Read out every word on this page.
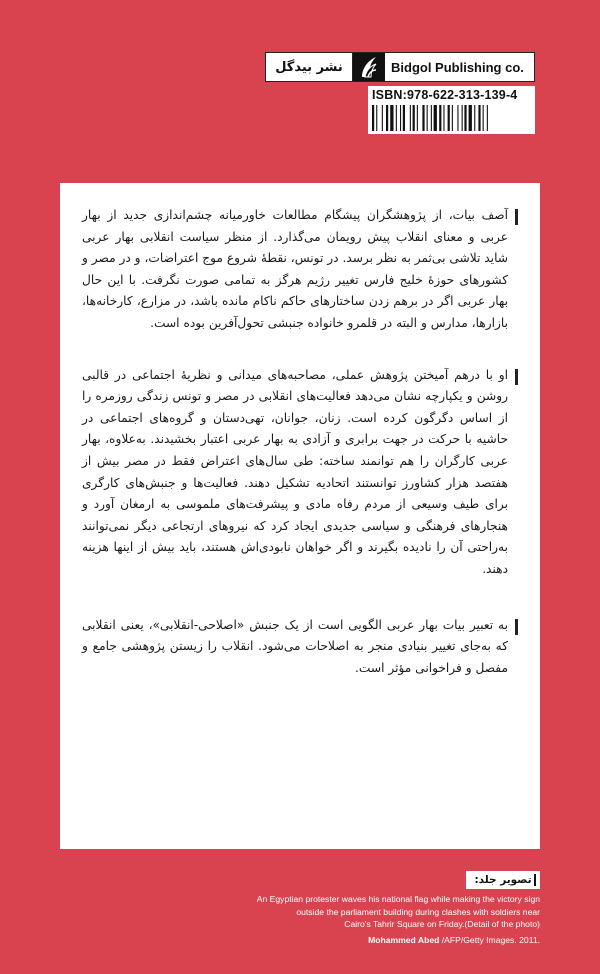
نشر بیدگل	Bidgol Publishing co.
ISBN:978-622-313-139-4

آصف بیات، از پژوهشگران پیشگام مطالعات خاورمیانه چشم‌اندازی جدید از بهار عربی و معنای انقلاب پیش رویمان می‌گذارد. از منظر سیاست انقلابی بهار عربی شاید تلاشی بی‌ثمر به نظر برسد. در تونس، نقطهٔ شروع موج اعتراضات، و در مصر و کشورهای حوزهٔ خلیج فارس تغییر رژیم هرگز به تمامی صورت نگرفت. با این حال بهار عربی اگر در برهم زدن ساختارهای حاکم ناکام مانده باشد، در مزارع، کارخانه‌ها، بازارها، مدارس و البته در قلمرو خانواده جنبشی تحول‌آفرین بوده است.

او با درهم آمیختن پژوهش عملی، مصاحبه‌های میدانی و نظریهٔ اجتماعی در قالبی روشن و یکپارچه نشان می‌دهد فعالیت‌های انقلابی در مصر و تونس زندگی روزمره را از اساس دگرگون کرده است. زنان، جوانان، تهی‌دستان و گروه‌های اجتماعی در حاشیه با حرکت در جهت برابری و آزادی به بهار عربی اعتبار بخشیدند. به‌علاوه، بهار عربی کارگران را هم توانمند ساخته: طی سال‌های اعتراض فقط در مصر بیش از هفتصد هزار کشاورز توانستند اتحادیه تشکیل دهند. فعالیت‌ها و جنبش‌های کارگری برای طیف وسیعی از مردم رفاه مادی و پیشرفت‌های ملموسی به ارمغان آورد و هنجارهای فرهنگی و سیاسی جدیدی ایجاد کرد که نیروهای ارتجاعی دیگر نمی‌توانند به‌راحتی آن را نادیده بگیرند و اگر خواهان نابودی‌اش هستند، باید بیش از اینها هزینه دهند.

به تعبیر بیات بهار عربی الگویی است از یک جنبش «اصلاحی-انقلابی»، یعنی انقلابی که به‌جای تغییر بنیادی منجر به اصلاحات می‌شود. انقلاب را زیستن پژوهشی جامع و مفصل و فراخوانی مؤثر است.

تصویر جلد:
An Egyptian protester waves his national flag while making the victory sign
outside the parliament building during clashes with soldiers near
Cairo's Tahrir Square on Friday.(Detail of the photo)
Mohammed Abed /AFP/Getty Images. 2011.
